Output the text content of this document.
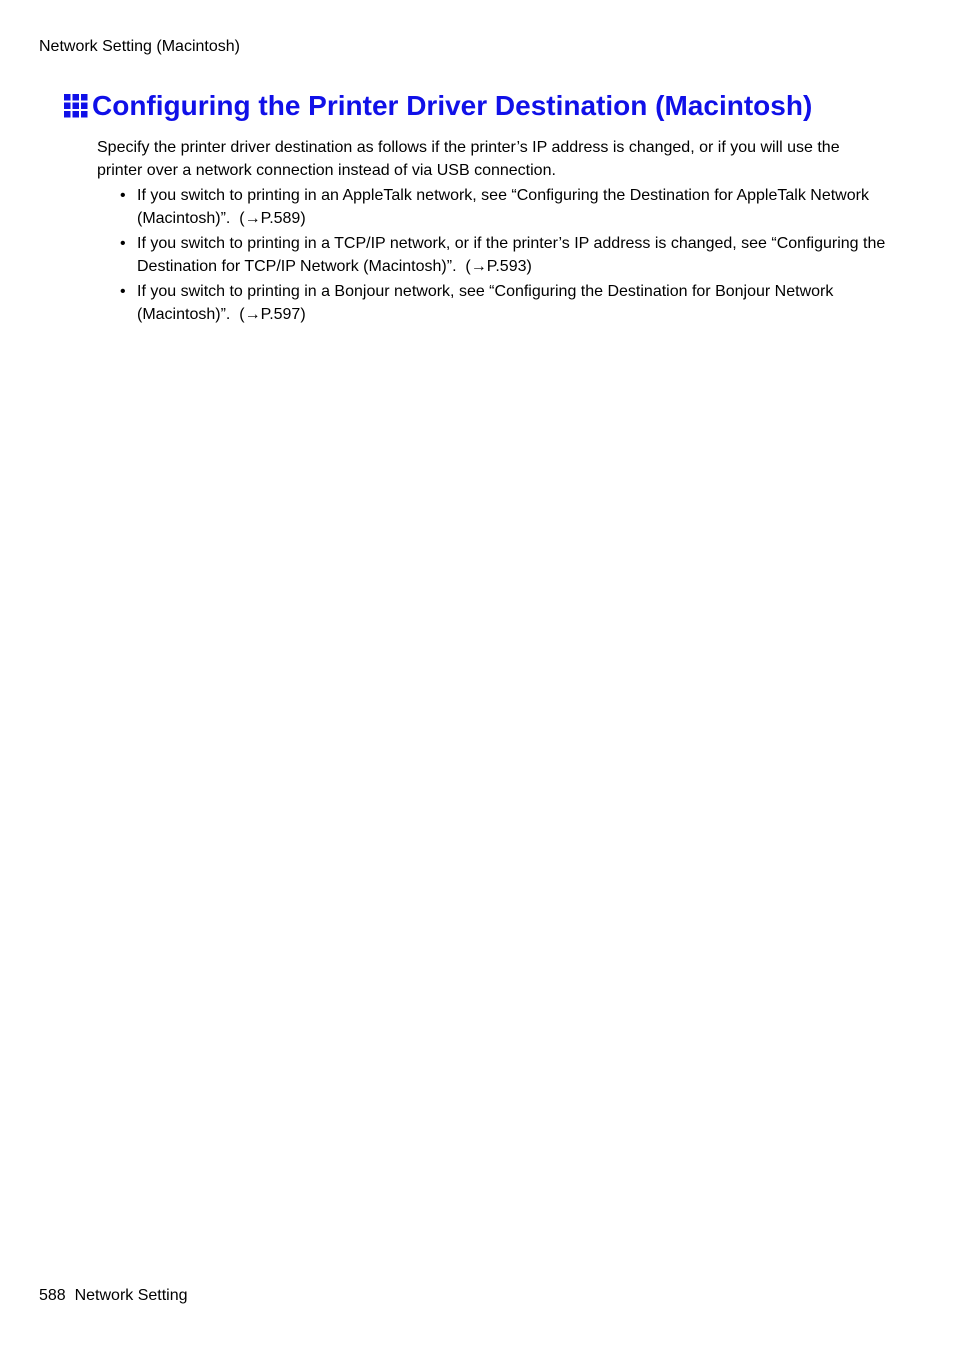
Network Setting (Macintosh)
Configuring the Printer Driver Destination (Macintosh)

Specify the printer driver destination as follows if the printer’s IP address is changed, or if you will use the printer over a network connection instead of via USB connection.

• If you switch to printing in an AppleTalk network, see “Configuring the Destination for AppleTalk Network (Macintosh)”. (→P.589)
• If you switch to printing in a TCP/IP network, or if the printer’s IP address is changed, see “Configuring the Destination for TCP/IP Network (Macintosh)”. (→P.593)
• If you switch to printing in a Bonjour network, see “Configuring the Destination for Bonjour Network (Macintosh)”. (→P.597)
588 Network Setting
